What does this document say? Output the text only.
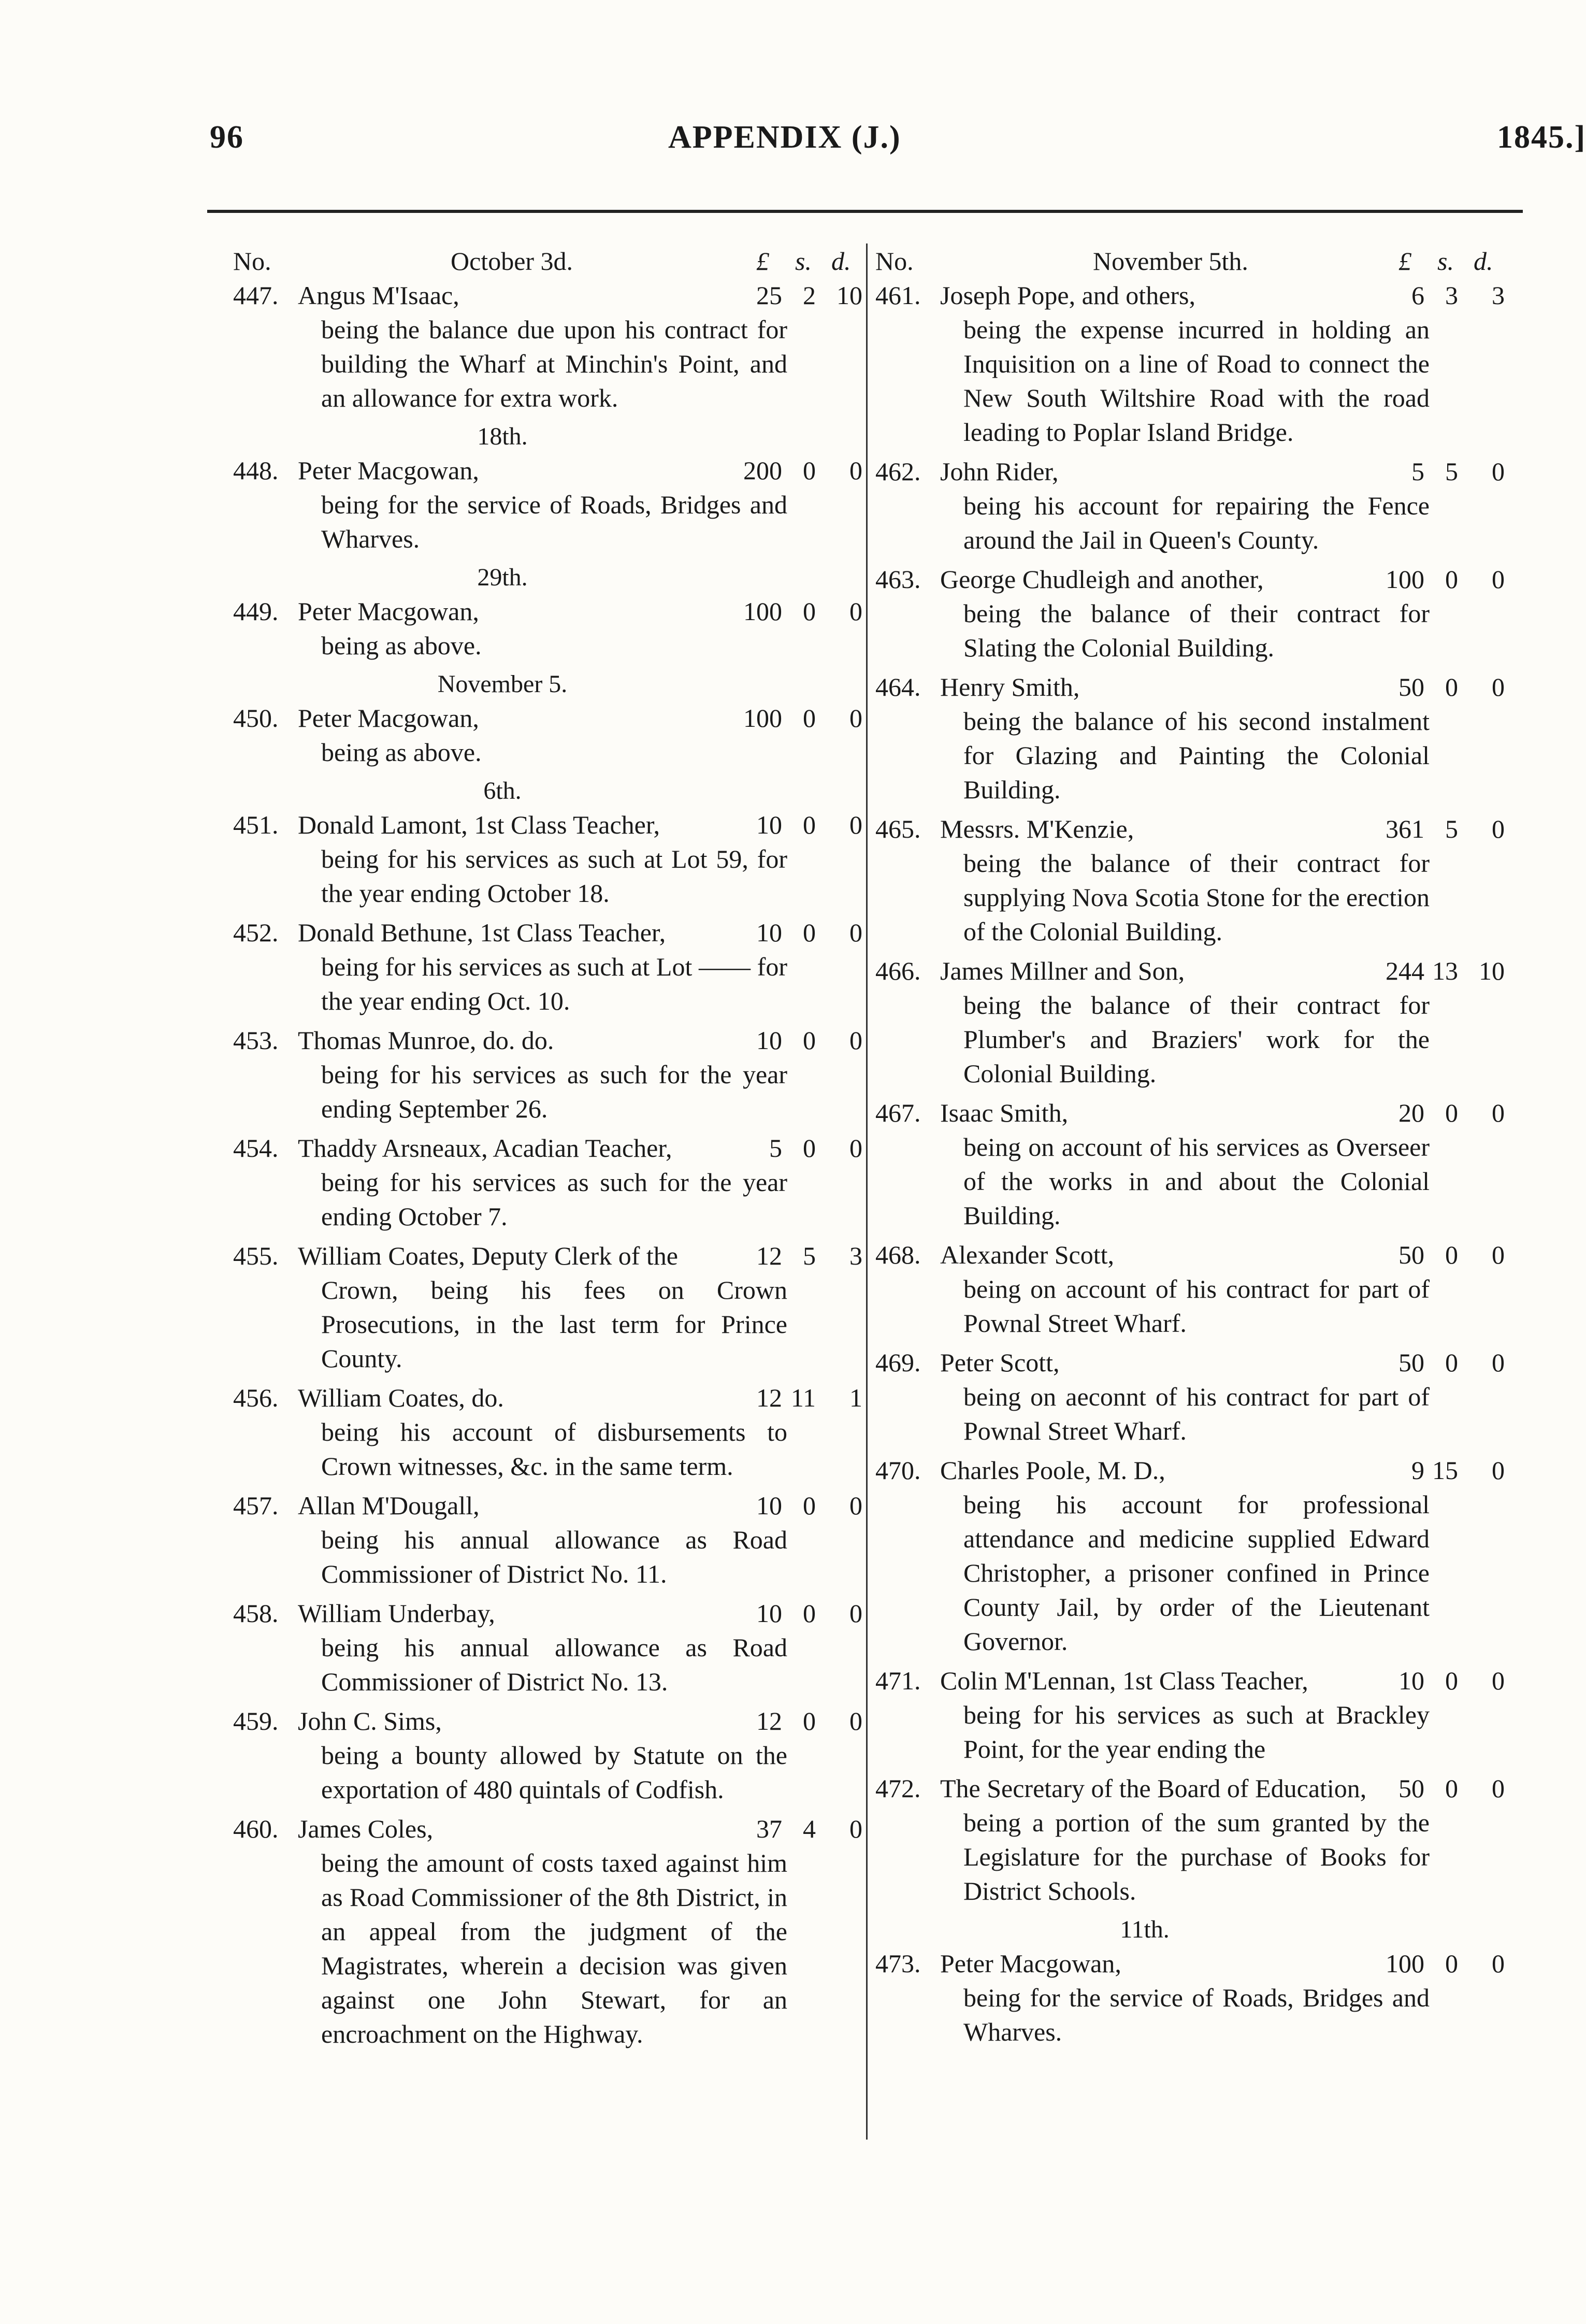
96	APPENDIX (J.)	1845.]
No.	October 3d.	£ s. d.
447. Angus M'Isaac,	25 2 10
being the balance due upon his contract for building the Wharf at Minchin's Point, and an allowance for extra work.
18th.
448. Peter Macgowan,	200 0	0
being for the service of Roads, Bridges and Wharves.
29th.
449. Peter Macgowan,	100 0	0
being as above.
November 5.
450. Peter Macgowan,	100 0	0
being as above.
6th.
451. Donald Lamont, 1st Class Teacher,	10 0	0
being for his services as such at Lot 59, for the year ending October 18.
452. Donald Bethune, 1st Class Teacher,	10 0	0
being for his services as such at Lot —— for the year ending Oct. 10.
453. Thomas Munroe, do. do.	10 0	0
being for his services as such for the year ending September 26.
454. Thaddy Arsneaux, Acadian Teacher,	5 0	0
being for his services as such for the year ending October 7.
455. William Coates, Deputy Clerk of the	12 5	3
Crown, being his fees on Crown Prosecutions, in the last term for Prince County.
456. William Coates, do.	12 11	1
being his account of disbursements to Crown witnesses, &c. in the same term.
457. Allan M'Dougall,	10 0	0
being his annual allowance as Road Commissioner of District No. 11.
458. William Underbay,	10 0	0
being his annual allowance as Road Commissioner of District No. 13.
459. John C. Sims,	12 0	0
being a bounty allowed by Statute on the exportation of 480 quintals of Codfish.
460. James Coles,	37 4	0
being the amount of costs taxed against him as Road Commissioner of the 8th District, in an appeal from the judgment of the Magistrates, wherein a decision was given against one John Stewart, for an encroachment on the Highway.
No.	November 5th.	£ s. d.
461. Joseph Pope, and others,	6 3	3
being the expense incurred in holding an Inquisition on a line of Road to connect the New South Wiltshire Road with the road leading to Poplar Island Bridge.
462. John Rider,	5 5	0
being his account for repairing the Fence around the Jail in Queen's County.
463. George Chudleigh and another,	100 0	0
being the balance of their contract for Slating the Colonial Building.
464. Henry Smith,	50 0	0
being the balance of his second instalment for Glazing and Painting the Colonial Building.
465. Messrs. M'Kenzie,	361 5	0
being the balance of their contract for supplying Nova Scotia Stone for the erection of the Colonial Building.
466. James Millner and Son,	244 13 10
being the balance of their contract for Plumber's and Braziers' work for the Colonial Building.
467. Isaac Smith,	20 0	0
being on account of his services as Overseer of the works in and about the Colonial Building.
468. Alexander Scott,	50 0	0
being on account of his contract for part of Pownal Street Wharf.
469. Peter Scott,	50 0	0
being on aeconnt of his contract for part of Pownal Street Wharf.
470. Charles Poole, M. D.,	9 15	0
being his account for professional attendance and medicine supplied Edward Christopher, a prisoner confined in Prince County Jail, by order of the Lieutenant Governor.
471. Colin M'Lennan, 1st Class Teacher,	10 0	0
being for his services as such at Brackley Point, for the year ending the
472. The Secretary of the Board of Education,	50 0	0
being a portion of the sum granted by the Legislature for the purchase of Books for District Schools.
11th.
473. Peter Macgowan,	100 0	0
being for the service of Roads, Bridges and Wharves.
